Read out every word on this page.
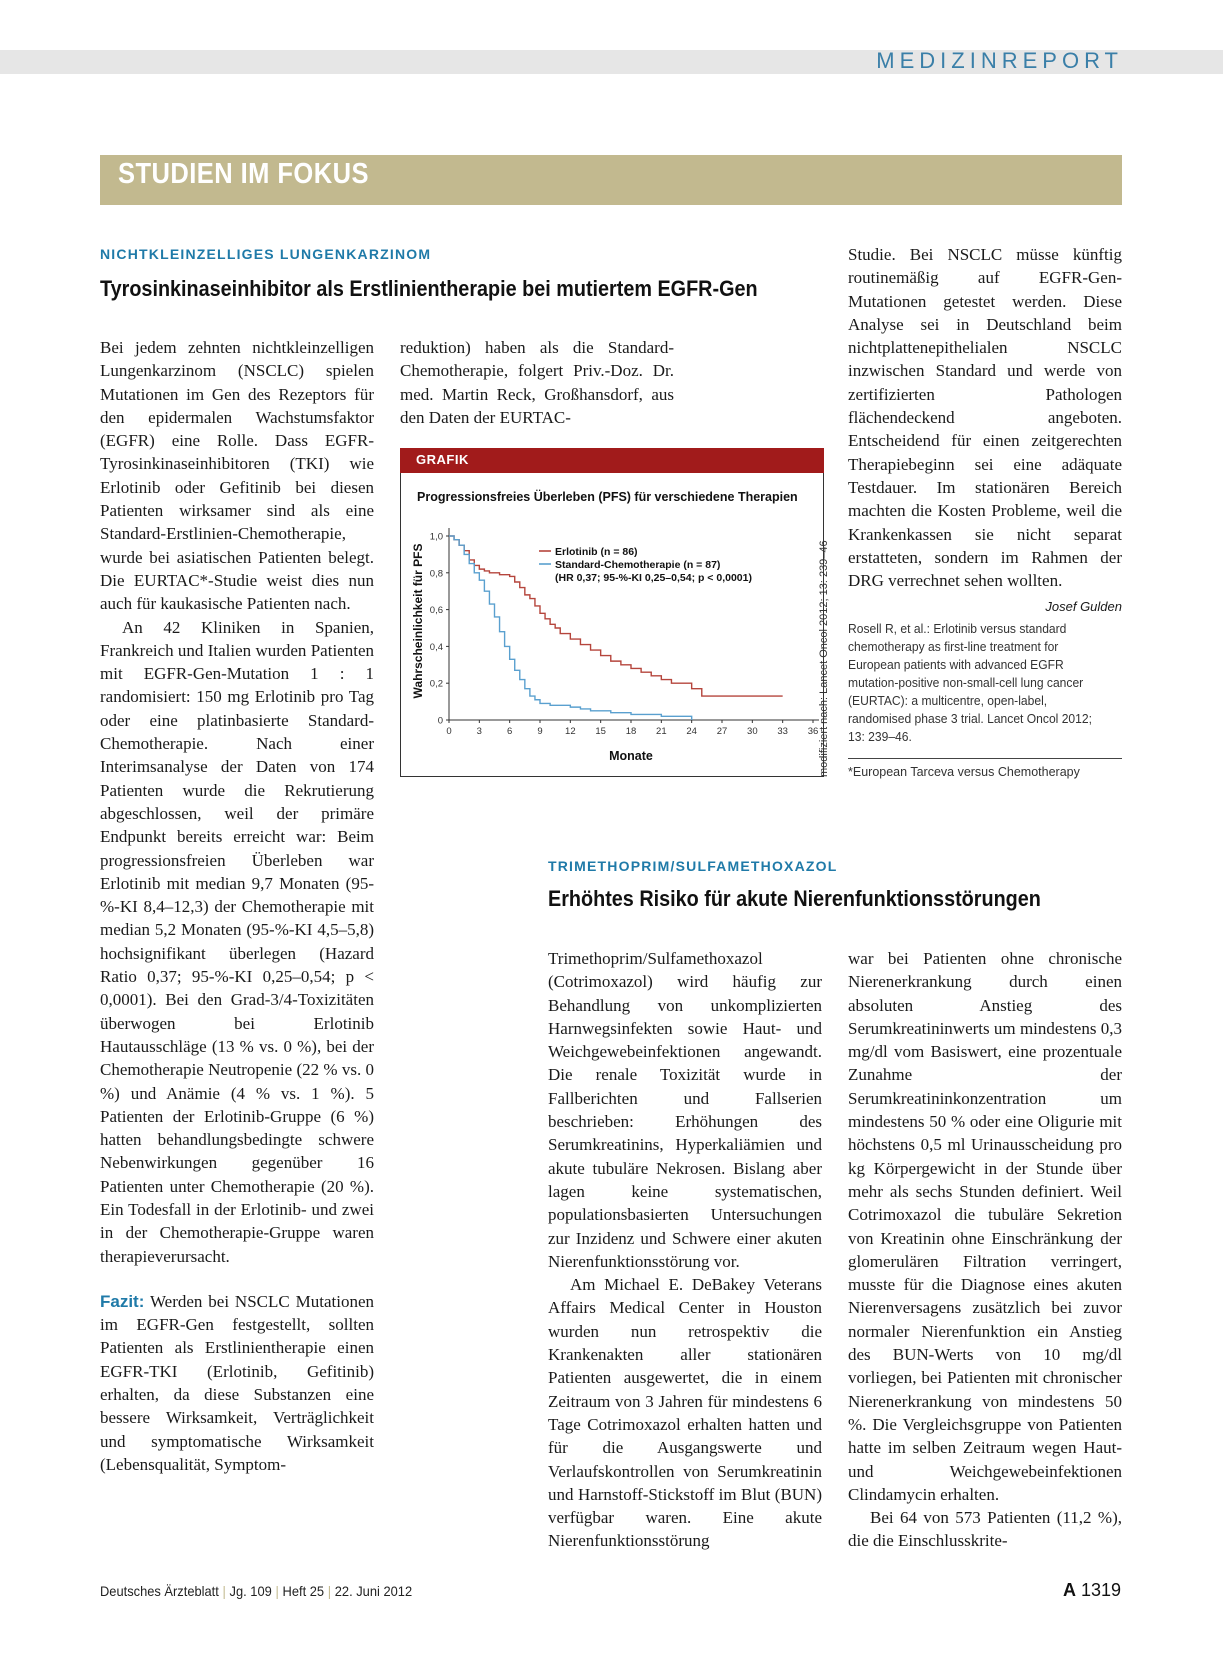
MEDIZINREPORT
STUDIEN IM FOKUS
NICHTKLEINZELLIGES LUNGENKARZINOM
Tyrosinkinaseinhibitor als Erstlinientherapie bei mutiertem EGFR-Gen

Bei jedem zehnten nichtkleinzelligen Lungenkarzinom (NSCLC) spielen Mutationen im Gen des Rezeptors für den epidermalen Wachstumsfaktor (EGFR) eine Rolle. Dass EGFR-Tyrosinkinaseinhibitoren (TKI) wie Erlotinib oder Gefitinib bei diesen Patienten wirksamer sind als eine Standard-Erstlinien-Chemotherapie, wurde bei asiatischen Patienten belegt. Die EURTAC*-Studie weist dies nun auch für kaukasische Patienten nach.

An 42 Kliniken in Spanien, Frankreich und Italien wurden Patienten mit EGFR-Gen-Mutation 1 : 1 randomisiert: 150 mg Erlotinib pro Tag oder eine platinbasierte Standard-Chemotherapie. Nach einer Interimsanalyse der Daten von 174 Patienten wurde die Rekrutierung abgeschlossen, weil der primäre Endpunkt bereits erreicht war: Beim progressionsfreien Überleben war Erlotinib mit median 9,7 Monaten (95-%-KI 8,4–12,3) der Chemotherapie mit median 5,2 Monaten (95-%-KI 4,5–5,8) hochsignifikant überlegen (Hazard Ratio 0,37; 95-%-KI 0,25–0,54; p < 0,0001). Bei den Grad-3/4-Toxizitäten überwogen bei Erlotinib Hautausschläge (13 % vs. 0 %), bei der Chemotherapie Neutropenie (22 % vs. 0 %) und Anämie (4 % vs. 1 %). 5 Patienten der Erlotinib-Gruppe (6 %) hatten behandlungsbedingte schwere Nebenwirkungen gegenüber 16 Patienten unter Chemotherapie (20 %). Ein Todesfall in der Erlotinib- und zwei in der Chemotherapie-Gruppe waren therapieverursacht.

Fazit: Werden bei NSCLC Mutationen im EGFR-Gen festgestellt, sollten Patienten als Erstlinientherapie einen EGFR-TKI (Erlotinib, Gefitinib) erhalten, da diese Substanzen eine bessere Wirksamkeit, Verträglichkeit und symptomatische Wirksamkeit (Lebensqualität, Symptom-

reduktion) haben als die Standard-Chemotherapie, folgert Priv.-Doz. Dr. med. Martin Reck, Großhansdorf, aus den Daten der EURTAC-

Studie. Bei NSCLC müsse künftig routinemäßig auf EGFR-Gen-Mutationen getestet werden. Diese Analyse sei in Deutschland beim nichtplattenepithelialen NSCLC inzwischen Standard und werde von zertifizierten Pathologen flächendeckend angeboten. Entscheidend für einen zeitgerechten Therapiebeginn sei eine adäquate Testdauer. Im stationären Bereich machten die Kosten Probleme, weil die Krankenkassen sie nicht separat erstatteten, sondern im Rahmen der DRG verrechnet sehen wollten.
Josef Gulden

GRAFIK
Progressionsfreies Überleben (PFS) für verschiedene Therapien
Wahrscheinlichkeit für PFS
Monate
0	3	6	9 12 15 18 21 24 27 30 33 36
0
0,2
0,4
0,6
0,8
1,0
Erlotinib (n = 86)
Standard-Chemotherapie (n = 87)
(HR 0,37; 95-%-KI 0,25–0,54; p < 0,0001)	modifiziert nach: Lancet Oncol 2012; 13: 239–46 Rosell R, et al.: Erlotinib versus standard chemotherapy as first-line treatment for European patients with advanced EGFR mutation-positive non-small-cell lung cancer (EURTAC): a multicentre, open-label, randomised phase 3 trial. Lancet Oncol 2012; 13: 239–46.
*European Tarceva versus Chemotherapy
TRIMETHOPRIM/SULFAMETHOXAZOL
Erhöhtes Risiko für akute Nierenfunktionsstörungen

Trimethoprim/Sulfamethoxazol (Cotrimoxazol) wird häufig zur Behandlung von unkomplizierten Harnwegsinfekten sowie Haut- und Weichgewebeinfektionen angewandt. Die renale Toxizität wurde in Fallberichten und Fallserien beschrieben: Erhöhungen des Serumkreatinins, Hyperkaliämien und akute tubuläre Nekrosen. Bislang aber lagen keine systematischen, populationsbasierten Untersuchungen zur Inzidenz und Schwere einer akuten Nierenfunktionsstörung vor.

Am Michael E. DeBakey Veterans Affairs Medical Center in Houston wurden nun retrospektiv die Krankenakten aller stationären Patienten ausgewertet, die in einem Zeitraum von 3 Jahren für mindestens 6 Tage Cotrimoxazol erhalten hatten und für die Ausgangswerte und Verlaufskontrollen von Serumkreatinin und Harnstoff-Stickstoff im Blut (BUN) verfügbar waren. Eine akute Nierenfunktionsstörung

war bei Patienten ohne chronische Nierenerkrankung durch einen absoluten Anstieg des Serumkreatininwerts um mindestens 0,3 mg/dl vom Basiswert, eine prozentuale Zunahme der Serumkreatininkonzentration um mindestens 50 % oder eine Oligurie mit höchstens 0,5 ml Urinausscheidung pro kg Körpergewicht in der Stunde über mehr als sechs Stunden definiert. Weil Cotrimoxazol die tubuläre Sekretion von Kreatinin ohne Einschränkung der glomerulären Filtration verringert, musste für die Diagnose eines akuten Nierenversagens zusätzlich bei zuvor normaler Nierenfunktion ein Anstieg des BUN-Werts von 10 mg/dl vorliegen, bei Patienten mit chronischer Nierenerkrankung von mindestens 50 %. Die Vergleichsgruppe von Patienten hatte im selben Zeitraum wegen Haut- und Weichgewebeinfektionen Clindamycin erhalten.

Bei 64 von 573 Patienten (11,2 %), die die Einschlusskrite-

Deutsches Ärzteblatt | Jg. 109 | Heft 25 | 22. Juni 2012	A 1319
